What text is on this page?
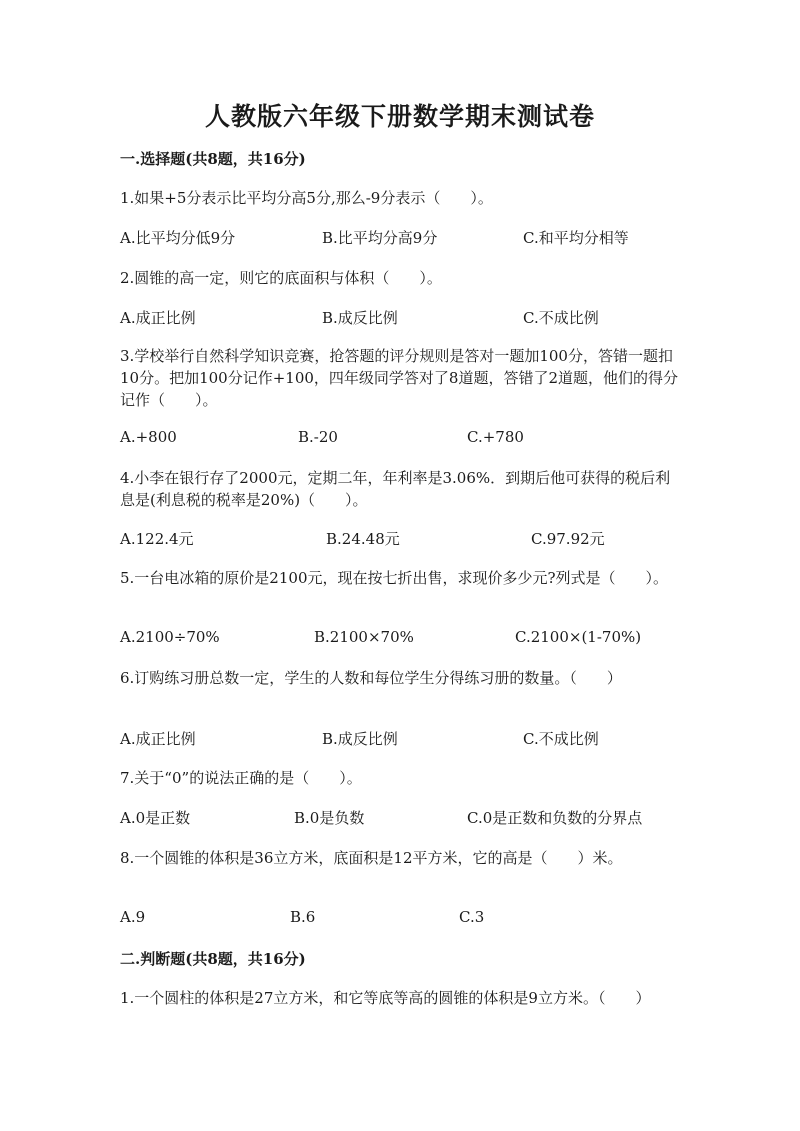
人教版六年级下册数学期末测试卷
一.选择题(共8题，共16分)
1.如果+5分表示比平均分高5分,那么-9分表示（　　）。
A.比平均分低9分	B.比平均分高9分	C.和平均分相等
2.圆锥的高一定，则它的底面积与体积（　　）。
A.成正比例	B.成反比例	C.不成比例
3.学校举行自然科学知识竞赛，抢答题的评分规则是答对一题加100分，答错一题扣10分。把加100分记作+100，四年级同学答对了8道题，答错了2道题，他们的得分记作（　　）。
A.+800	B.-20	C.+780
4.小李在银行存了2000元，定期二年，年利率是3.06%．到期后他可获得的税后利息是(利息税的税率是20%)（　　）。
A.122.4元	B.24.48元	C.97.92元
5.一台电冰箱的原价是2100元，现在按七折出售，求现价多少元?列式是（　　）。
A.2100÷70%	B.2100×70%	C.2100×(1-70%)
6.订购练习册总数一定，学生的人数和每位学生分得练习册的数量。（　　）
A.成正比例	B.成反比例	C.不成比例
7.关于“0”的说法正确的是（　　）。
A.0是正数	B.0是负数	C.0是正数和负数的分界点
8.一个圆锥的体积是36立方米，底面积是12平方米，它的高是（　　）米。
A.9	B.6	C.3
二.判断题(共8题，共16分)
1.一个圆柱的体积是27立方米，和它等底等高的圆锥的体积是9立方米。（　　）
